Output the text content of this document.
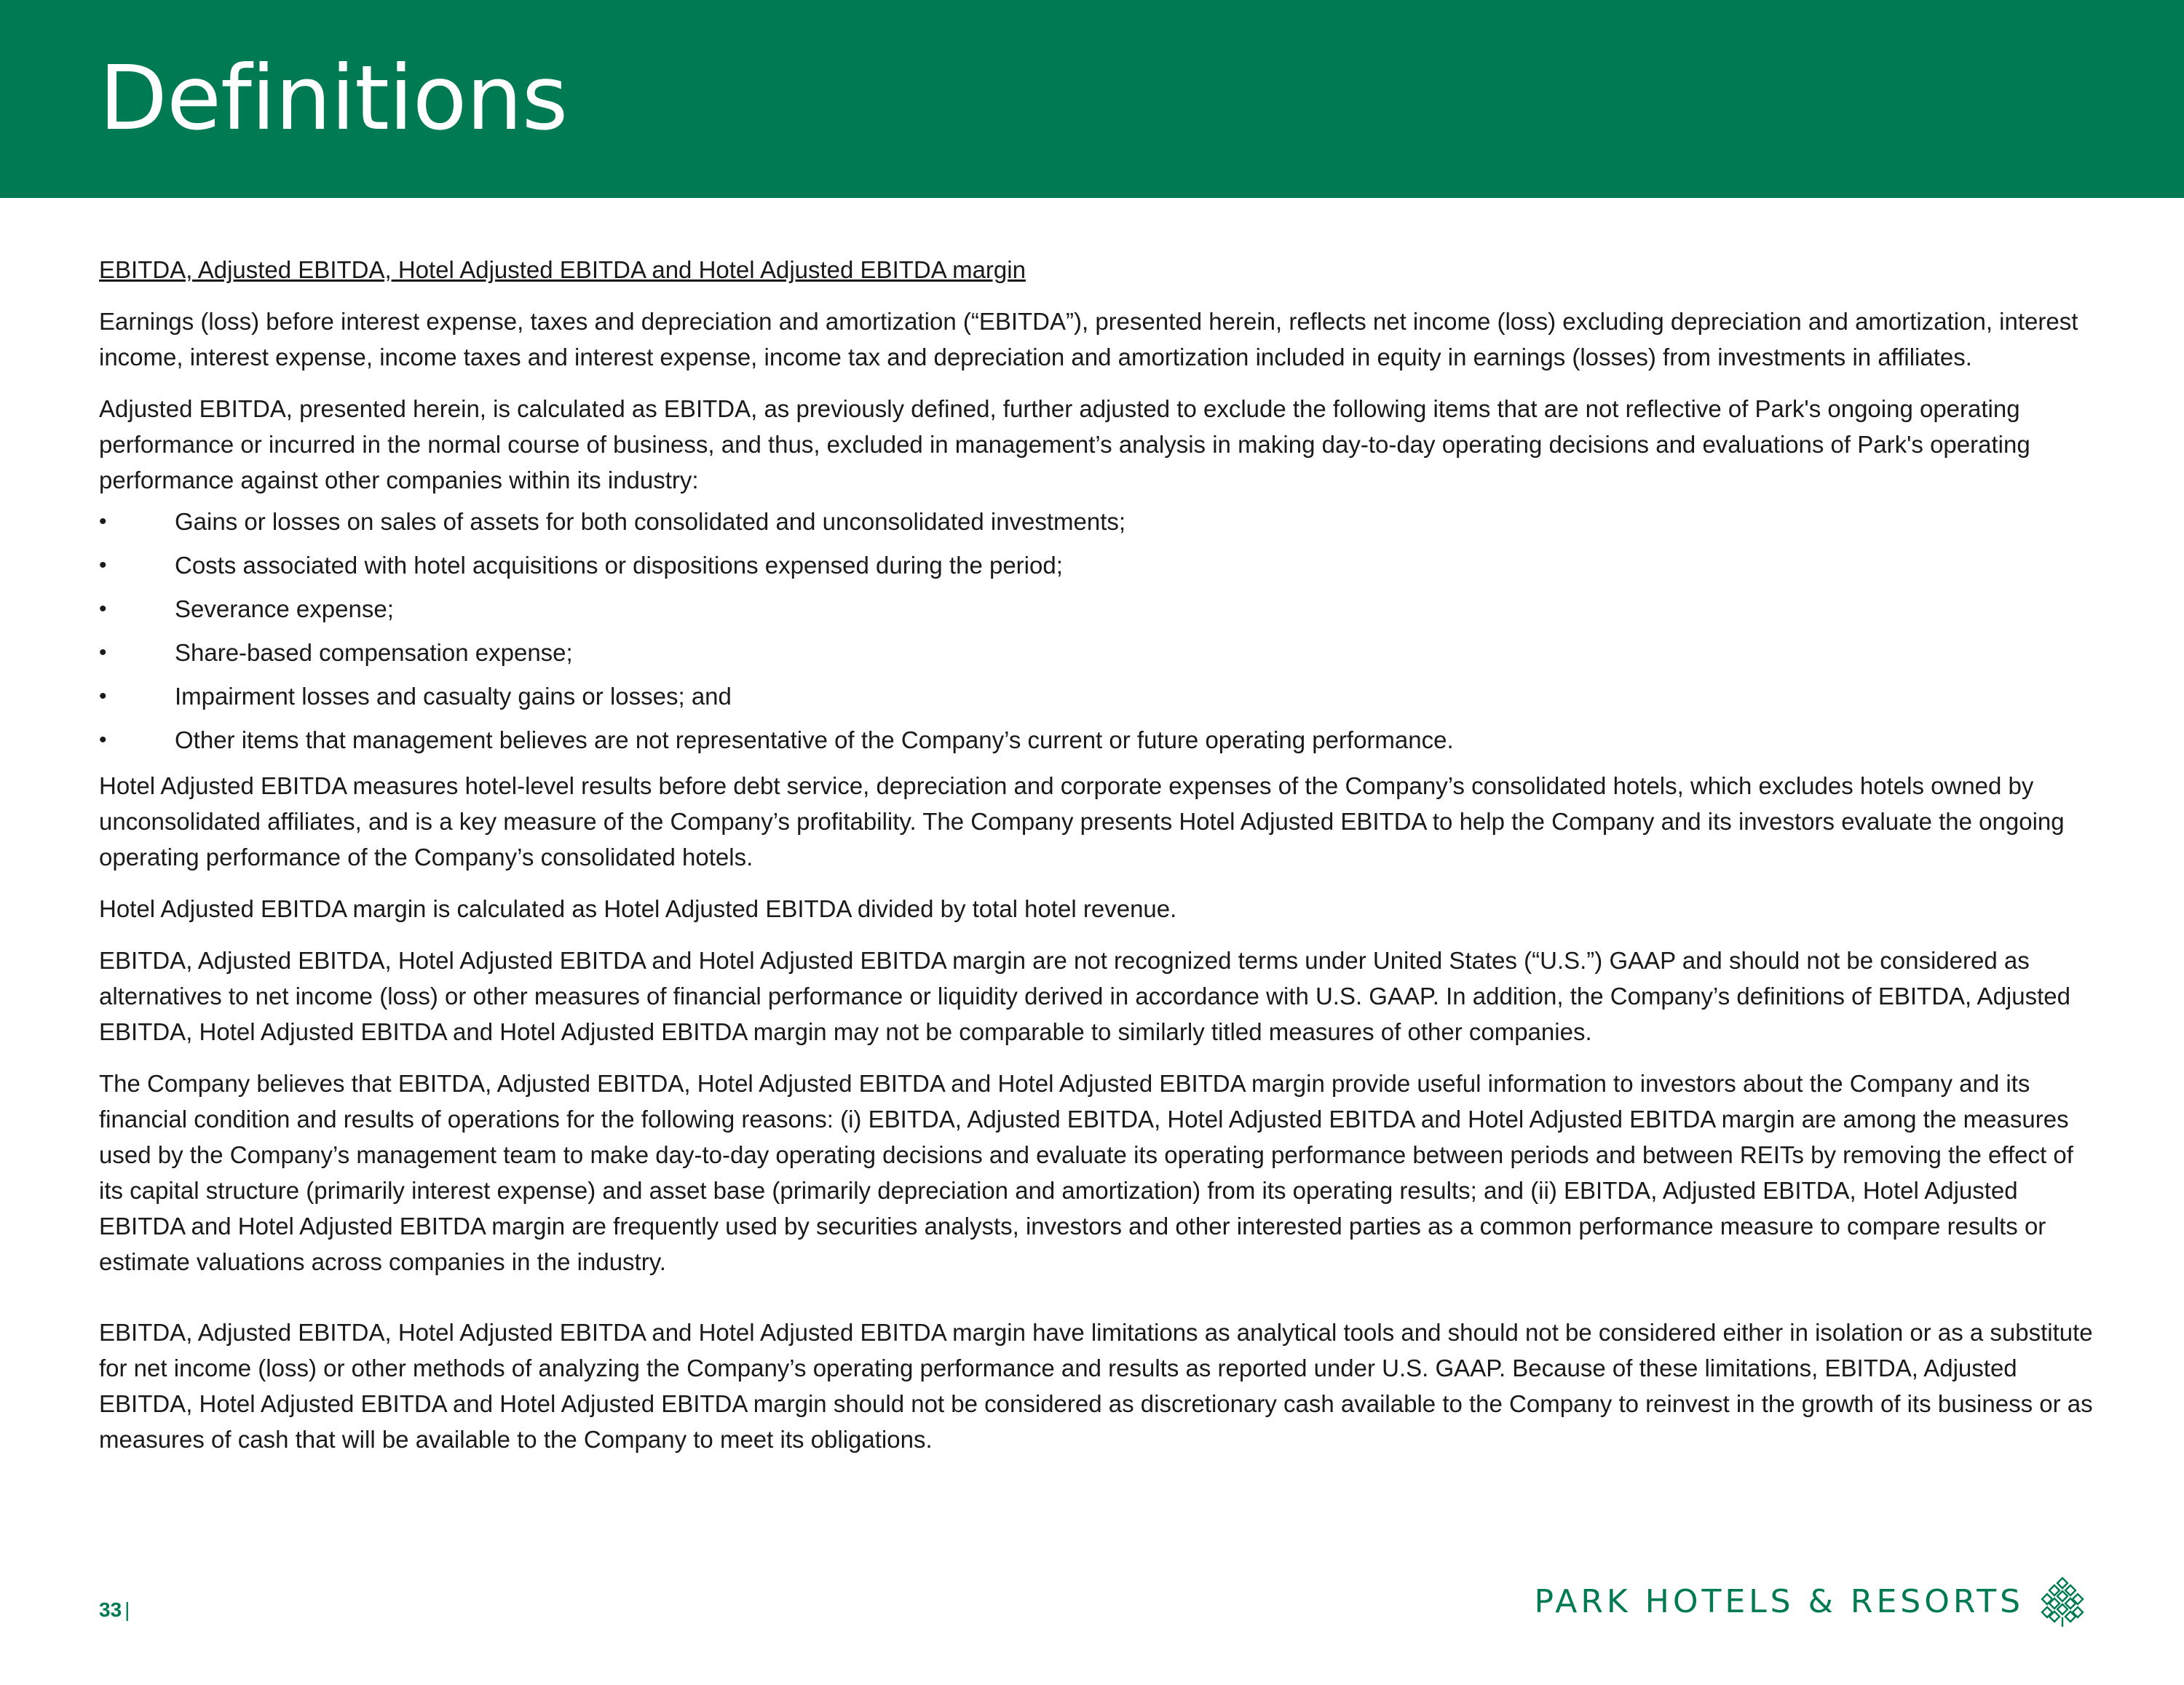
Definitions

EBITDA, Adjusted EBITDA, Hotel Adjusted EBITDA and Hotel Adjusted EBITDA margin

Earnings (loss) before interest expense, taxes and depreciation and amortization (“EBITDA”), presented herein, reflects net income (loss) excluding depreciation and amortization, interest income, interest expense, income taxes and interest expense, income tax and depreciation and amortization included in equity in earnings (losses) from investments in affiliates.

Adjusted EBITDA, presented herein, is calculated as EBITDA, as previously defined, further adjusted to exclude the following items that are not reflective of Park's ongoing operating performance or incurred in the normal course of business, and thus, excluded in management’s analysis in making day-to-day operating decisions and evaluations of Park's operating performance against other companies within its industry:

•	Gains or losses on sales of assets for both consolidated and unconsolidated investments;
•	Costs associated with hotel acquisitions or dispositions expensed during the period;
•	Severance expense;
•	Share-based compensation expense;
•	Impairment losses and casualty gains or losses; and
•	Other items that management believes are not representative of the Company’s current or future operating performance.

Hotel Adjusted EBITDA measures hotel-level results before debt service, depreciation and corporate expenses of the Company’s consolidated hotels, which excludes hotels owned by unconsolidated affiliates, and is a key measure of the Company’s profitability. The Company presents Hotel Adjusted EBITDA to help the Company and its investors evaluate the ongoing operating performance of the Company’s consolidated hotels.

Hotel Adjusted EBITDA margin is calculated as Hotel Adjusted EBITDA divided by total hotel revenue.

EBITDA, Adjusted EBITDA, Hotel Adjusted EBITDA and Hotel Adjusted EBITDA margin are not recognized terms under United States (“U.S.”) GAAP and should not be considered as alternatives to net income (loss) or other measures of financial performance or liquidity derived in accordance with U.S. GAAP. In addition, the Company’s definitions of EBITDA, Adjusted EBITDA, Hotel Adjusted EBITDA and Hotel Adjusted EBITDA margin may not be comparable to similarly titled measures of other companies.

The Company believes that EBITDA, Adjusted EBITDA, Hotel Adjusted EBITDA and Hotel Adjusted EBITDA margin provide useful information to investors about the Company and its financial condition and results of operations for the following reasons: (i) EBITDA, Adjusted EBITDA, Hotel Adjusted EBITDA and Hotel Adjusted EBITDA margin are among the measures used by the Company’s management team to make day-to-day operating decisions and evaluate its operating performance between periods and between REITs by removing the effect of its capital structure (primarily interest expense) and asset base (primarily depreciation and amortization) from its operating results; and (ii) EBITDA, Adjusted EBITDA, Hotel Adjusted EBITDA and Hotel Adjusted EBITDA margin are frequently used by securities analysts, investors and other interested parties as a common performance measure to compare results or estimate valuations across companies in the industry.

EBITDA, Adjusted EBITDA, Hotel Adjusted EBITDA and Hotel Adjusted EBITDA margin have limitations as analytical tools and should not be considered either in isolation or as a substitute for net income (loss) or other methods of analyzing the Company’s operating performance and results as reported under U.S. GAAP. Because of these limitations, EBITDA, Adjusted EBITDA, Hotel Adjusted EBITDA and Hotel Adjusted EBITDA margin should not be considered as discretionary cash available to the Company to reinvest in the growth of its business or as measures of cash that will be available to the Company to meet its obligations.

33 |	PARK HOTELS & RESORTS
